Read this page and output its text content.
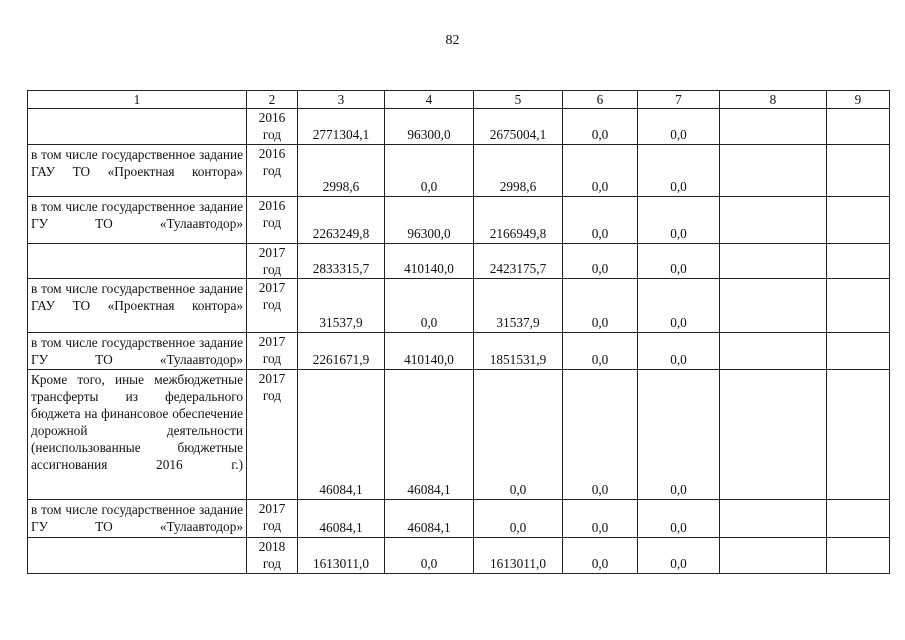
82
1	2	3	4	5	6	7	8	9
	2016 год	2771304,1	96300,0	2675004,1	0,0	0,0		
в том числе государственное задание ГАУ ТО «Проектная контора»	2016 год	2998,6	0,0	2998,6	0,0	0,0		
в том числе государственное задание ГУ ТО «Тулаавтодор»	2016 год	2263249,8	96300,0	2166949,8	0,0	0,0		
	2017 год	2833315,7	410140,0	2423175,7	0,0	0,0		
в том числе государственное задание ГАУ ТО «Проектная контора»	2017 год	31537,9	0,0	31537,9	0,0	0,0		
в том числе государственное задание ГУ ТО «Тулаавтодор»	2017 год	2261671,9	410140,0	1851531,9	0,0	0,0		
Кроме того, иные межбюджетные трансферты из федерального бюджета на финансовое обеспечение дорожной деятельности (неиспользованные бюджетные ассигнования 2016 г.)	2017 год	46084,1	46084,1	0,0	0,0	0,0		
в том числе государственное задание ГУ ТО «Тулаавтодор»	2017 год	46084,1	46084,1	0,0	0,0	0,0		
	2018 год	1613011,0	0,0	1613011,0	0,0	0,0		
